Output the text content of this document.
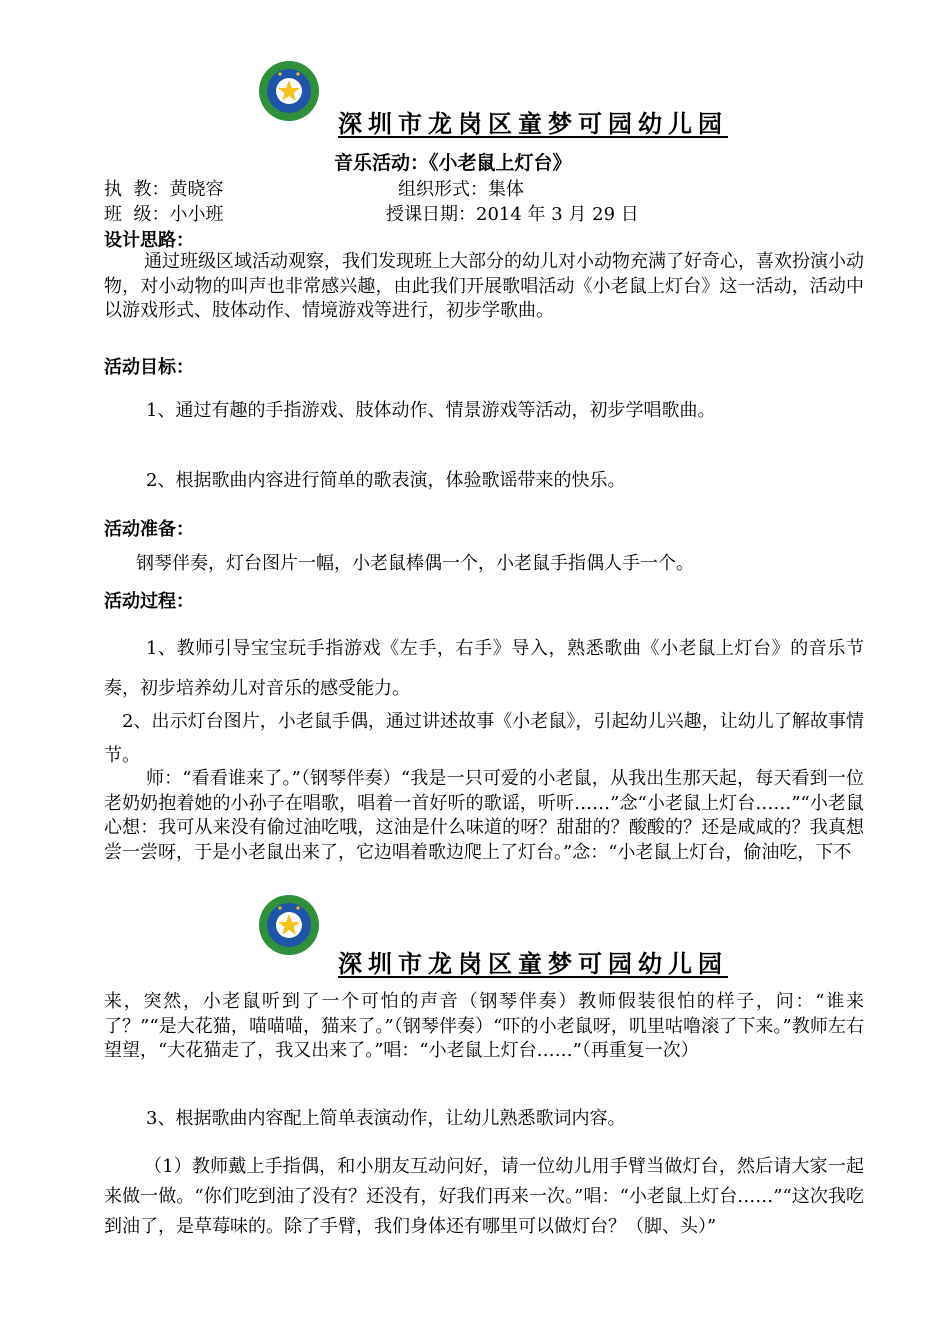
深圳市龙岗区童梦可园幼儿园
音乐活动：《小老鼠上灯台》
执  教：黄晓容	组织形式：集体
班  级：小小班	授课日期：2014 年 3 月 29 日
设计思路：
通过班级区域活动观察，我们发现班上大部分的幼儿对小动物充满了好奇心，喜欢扮演小动物，对小动物的叫声也非常感兴趣，由此我们开展歌唱活动《小老鼠上灯台》这一活动，活动中以游戏形式、肢体动作、情境游戏等进行，初步学歌曲。
活动目标：
1、通过有趣的手指游戏、肢体动作、情景游戏等活动，初步学唱歌曲。
2、根据歌曲内容进行简单的歌表演，体验歌谣带来的快乐。
活动准备：
钢琴伴奏，灯台图片一幅，小老鼠棒偶一个，小老鼠手指偶人手一个。
活动过程：
1、教师引导宝宝玩手指游戏《左手，右手》导入，熟悉歌曲《小老鼠上灯台》的音乐节奏，初步培养幼儿对音乐的感受能力。
2、出示灯台图片，小老鼠手偶，通过讲述故事《小老鼠》，引起幼儿兴趣，让幼儿了解故事情节。
师：“看看谁来了。”（钢琴伴奏）“我是一只可爱的小老鼠，从我出生那天起，每天看到一位老奶奶抱着她的小孙子在唱歌，唱着一首好听的歌谣，听听……”念“小老鼠上灯台……”“小老鼠心想：我可从来没有偷过油吃哦，这油是什么味道的呀？甜甜的？酸酸的？还是咸咸的？我真想尝一尝呀，于是小老鼠出来了，它边唱着歌边爬上了灯台。”念：“小老鼠上灯台，偷油吃，下不
深圳市龙岗区童梦可园幼儿园
来，突然，小老鼠听到了一个可怕的声音（钢琴伴奏）教师假装很怕的样子，问：“谁来了？”“是大花猫，喵喵喵，猫来了。”（钢琴伴奏）“吓的小老鼠呀，叽里咕噜滚了下来。”教师左右望望，“大花猫走了，我又出来了。”唱：“小老鼠上灯台……”（再重复一次）
3、根据歌曲内容配上简单表演动作，让幼儿熟悉歌词内容。
（1）教师戴上手指偶，和小朋友互动问好，请一位幼儿用手臂当做灯台，然后请大家一起来做一做。“你们吃到油了没有？还没有，好我们再来一次。”唱：“小老鼠上灯台……”“这次我吃到油了，是草莓味的。除了手臂，我们身体还有哪里可以做灯台？（脚、头）”
